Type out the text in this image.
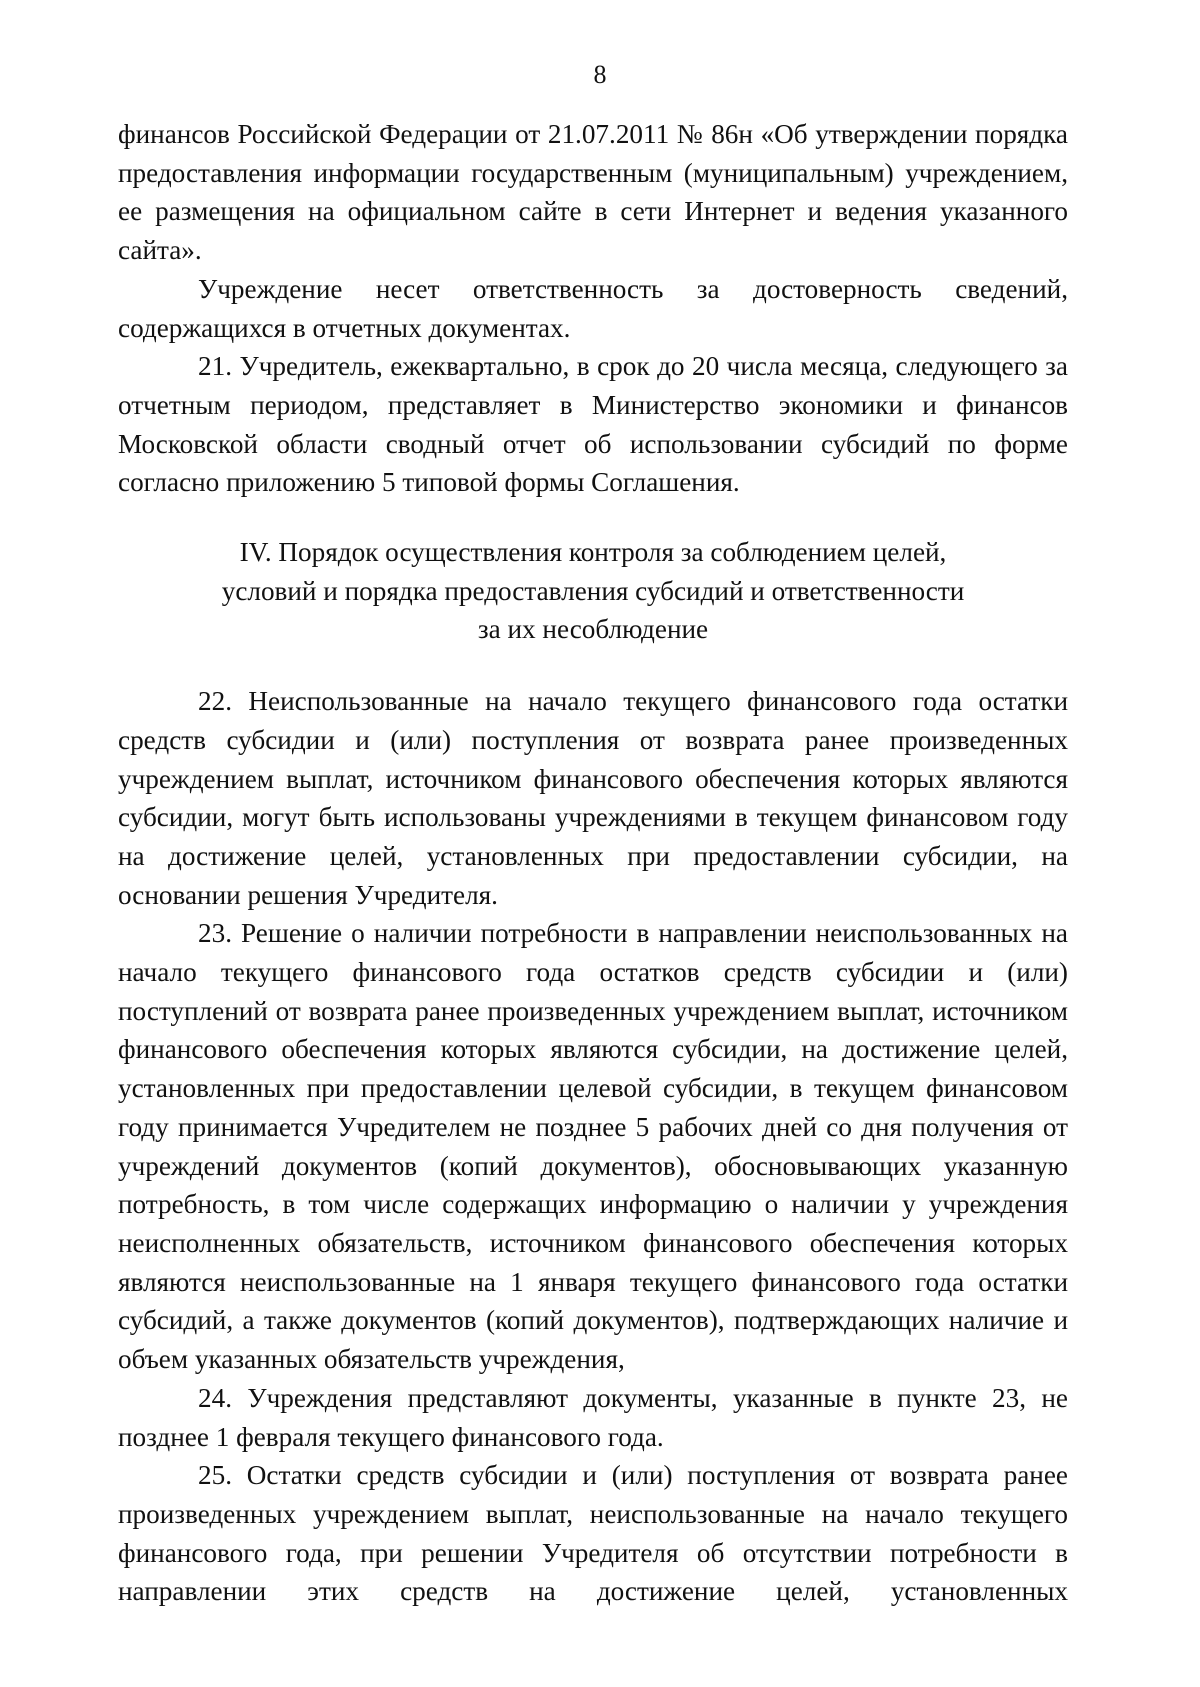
8

финансов Российской Федерации от 21.07.2011 № 86н «Об утверждении порядка предоставления информации государственным (муниципальным) учреждением, ее размещения на официальном сайте в сети Интернет и ведения указанного сайта».

Учреждение несет ответственность за достоверность сведений, содержащихся в отчетных документах.

21. Учредитель, ежеквартально, в срок до 20 числа месяца, следующего за отчетным периодом, представляет в Министерство экономики и финансов Московской области сводный отчет об использовании субсидий по форме согласно приложению 5 типовой формы Соглашения.

IV. Порядок осуществления контроля за соблюдением целей,
условий и порядка предоставления субсидий и ответственности
за их несоблюдение

22. Неиспользованные на начало текущего финансового года остатки средств субсидии и (или) поступления от возврата ранее произведенных учреждением выплат, источником финансового обеспечения которых являются субсидии, могут быть использованы учреждениями в текущем финансовом году на достижение целей, установленных при предоставлении субсидии, на основании решения Учредителя.

23. Решение о наличии потребности в направлении неиспользованных на начало текущего финансового года остатков средств субсидии и (или) поступлений от возврата ранее произведенных учреждением выплат, источником финансового обеспечения которых являются субсидии, на достижение целей, установленных при предоставлении целевой субсидии, в текущем финансовом году принимается Учредителем не позднее 5 рабочих дней со дня получения от учреждений документов (копий документов), обосновывающих указанную потребность, в том числе содержащих информацию о наличии у учреждения неисполненных обязательств, источником финансового обеспечения которых являются неиспользованные на 1 января текущего финансового года остатки субсидий, а также документов (копий документов), подтверждающих наличие и объем указанных обязательств учреждения,

24. Учреждения представляют документы, указанные в пункте 23, не позднее 1 февраля текущего финансового года.

25. Остатки средств субсидии и (или) поступления от возврата ранее произведенных учреждением выплат, неиспользованные на начало текущего финансового года, при решении Учредителя об отсутствии потребности в направлении этих средств на достижение целей, установленных
